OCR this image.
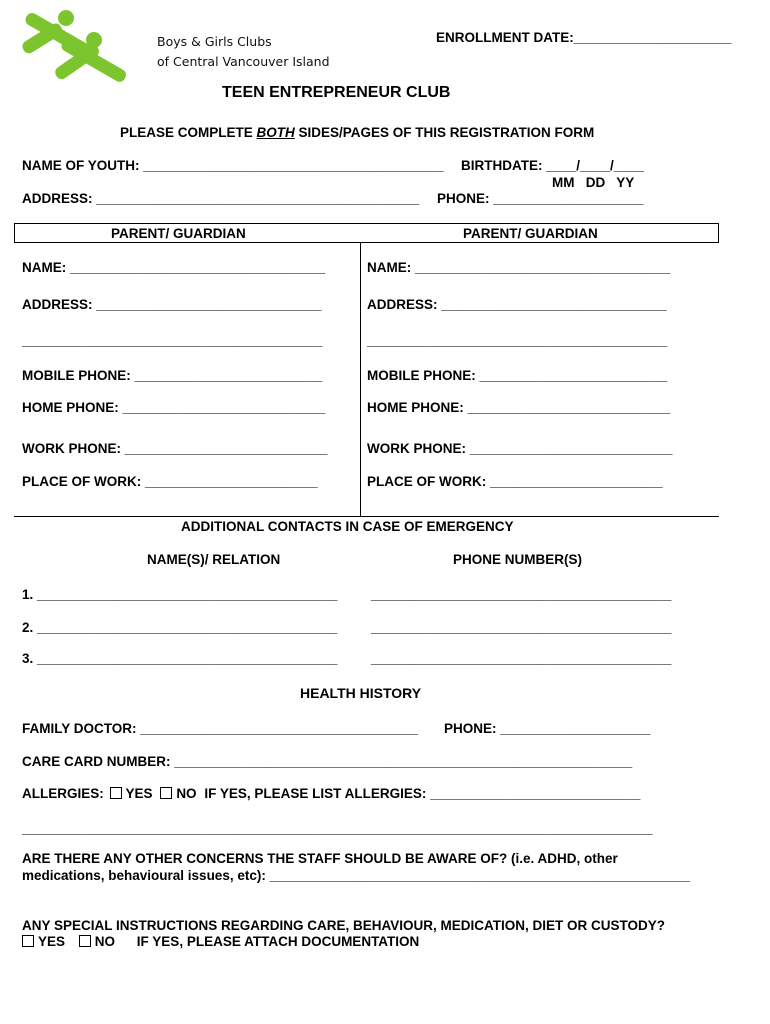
Boys & Girls Clubs
of Central Vancouver Island
ENROLLMENT DATE:_____________________
TEEN ENTREPRENEUR CLUB
PLEASE COMPLETE BOTH SIDES/PAGES OF THIS REGISTRATION FORM
NAME OF YOUTH: ________________________________________ BIRTHDATE: ____/____/____
MM   DD   YY
ADDRESS: ___________________________________________ PHONE: ____________________
PARENT/ GUARDIAN	PARENT/ GUARDIAN
NAME: __________________________________
ADDRESS: ______________________________
________________________________________
MOBILE PHONE: _________________________
HOME PHONE: ___________________________
WORK PHONE: ___________________________
PLACE OF WORK: _______________________
NAME: __________________________________
ADDRESS: ______________________________
________________________________________
MOBILE PHONE: _________________________
HOME PHONE: ___________________________
WORK PHONE: ___________________________
PLACE OF WORK: _______________________
ADDITIONAL CONTACTS IN CASE OF EMERGENCY
NAME(S)/ RELATION	PHONE NUMBER(S)
1. ________________________________________ ________________________________________
2. ________________________________________ ________________________________________
3. ________________________________________ ________________________________________
HEALTH HISTORY
FAMILY DOCTOR: _____________________________________ PHONE: ____________________
CARE CARD NUMBER: _____________________________________________________________
ALLERGIES: YES NO IF YES, PLEASE LIST ALLERGIES: ____________________________
____________________________________________________________________________________
ARE THERE ANY OTHER CONCERNS THE STAFF SHOULD BE AWARE OF? (i.e. ADHD, other
medications, behavioural issues, etc): ________________________________________________________
ANY SPECIAL INSTRUCTIONS REGARDING CARE, BEHAVIOUR, MEDICATION, DIET OR CUSTODY?
YES NO IF YES, PLEASE ATTACH DOCUMENTATION
